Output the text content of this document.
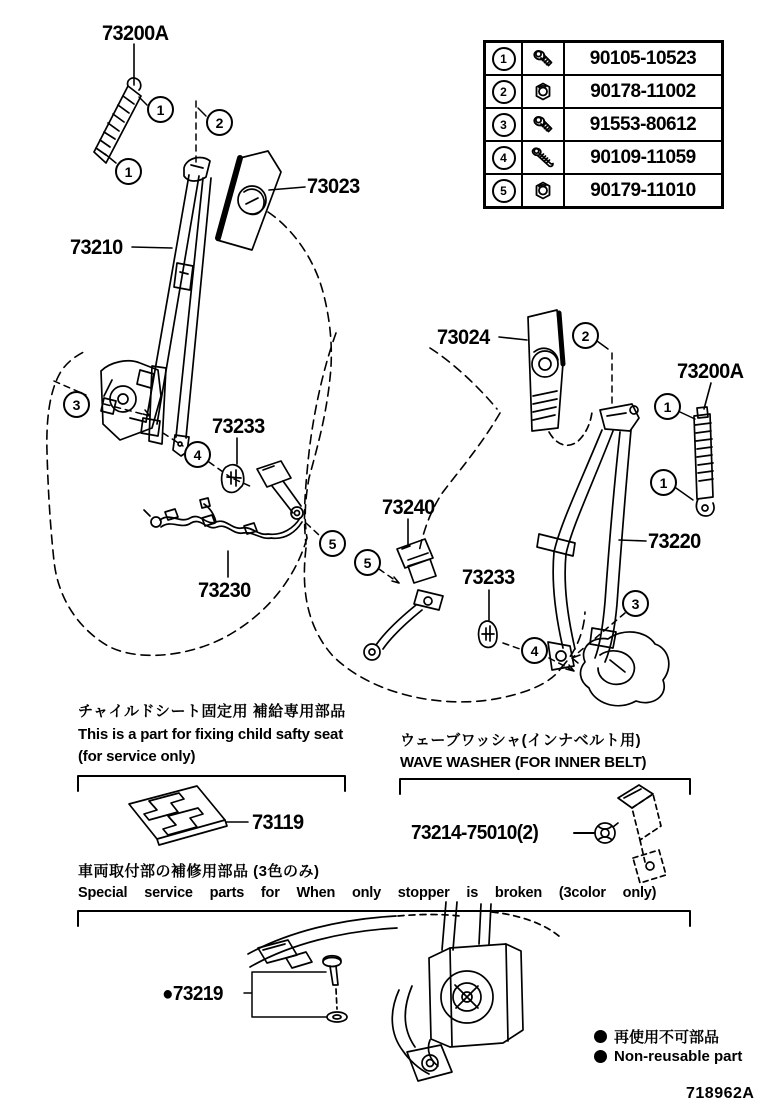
1	90105-10523
2	90178-11002
3	91553-80612
4	90109-11059
5	90179-11010
73200A
73023
73210
73024
73200A
73220
73233
73233
73240
73230
73119	73214-75010(2)
●73219
1
1
2
3
4
5
5
2
1
1
3
4
チャイルドシート固定用 補給専用部品
This is a part for fixing child safty seat
(for service only)
ウェーブワッシャ(インナベルト用)
WAVE WASHER (FOR INNER BELT)
車両取付部の補修用部品 (3色のみ)
Special service parts for When only stopper is broken (3color only)
再使用不可部品
Non-reusable part
718962A
